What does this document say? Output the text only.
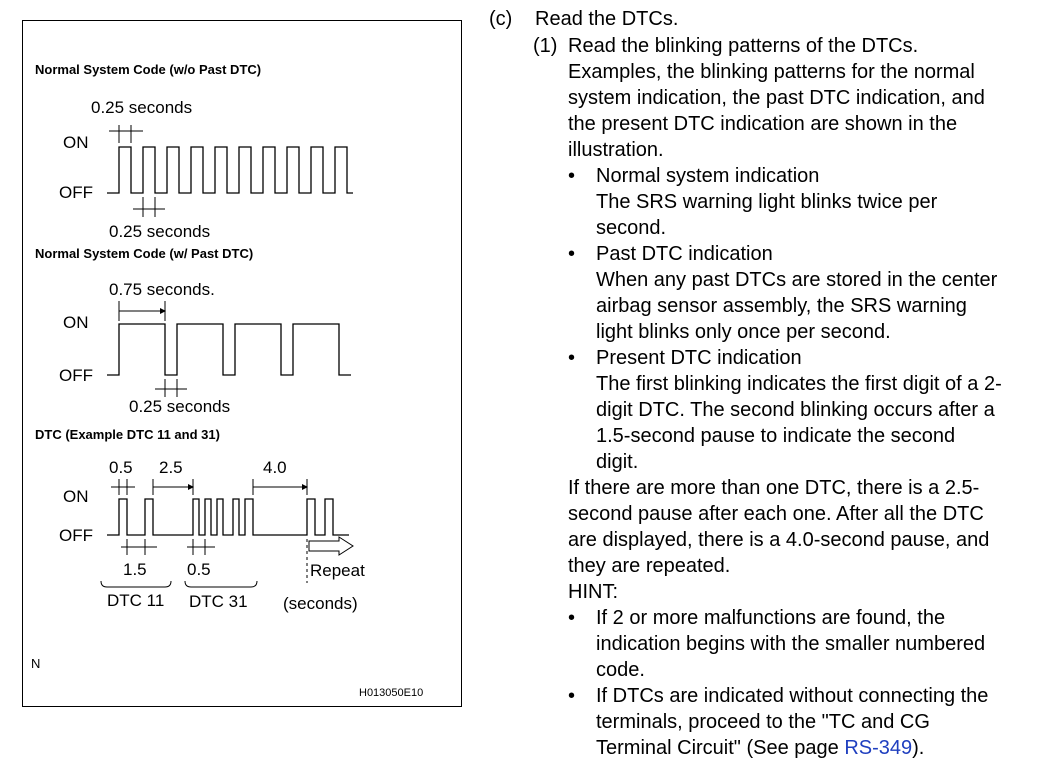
Normal System Code (w/o Past DTC)
ON
OFF
0.25 seconds
0.25 seconds
Normal System Code (w/ Past DTC)
0.75 seconds.
ON
OFF
0.25 seconds
DTC (Example DTC 11 and 31)
0.5 2.5	4.0
ON
OFF
1.5 0.5	Repeat
DTC 11 DTC 31 (seconds)
N
H013050E10
(c) Read the DTCs.
(1) Read the blinking patterns of the DTCs.
Examples, the blinking patterns for the normal
system indication, the past DTC indication, and
the present DTC indication are shown in the
illustration.
• Normal system indication
The SRS warning light blinks twice per
second.
• Past DTC indication
When any past DTCs are stored in the center
airbag sensor assembly, the SRS warning
light blinks only once per second.
• Present DTC indication
The first blinking indicates the first digit of a 2-
digit DTC. The second blinking occurs after a
1.5-second pause to indicate the second
digit.
If there are more than one DTC, there is a 2.5-
second pause after each one. After all the DTC
are displayed, there is a 4.0-second pause, and
they are repeated.
HINT:
• If 2 or more malfunctions are found, the
indication begins with the smaller numbered
code.
• If DTCs are indicated without connecting the
terminals, proceed to the "TC and CG
Terminal Circuit" (See page RS-349).
